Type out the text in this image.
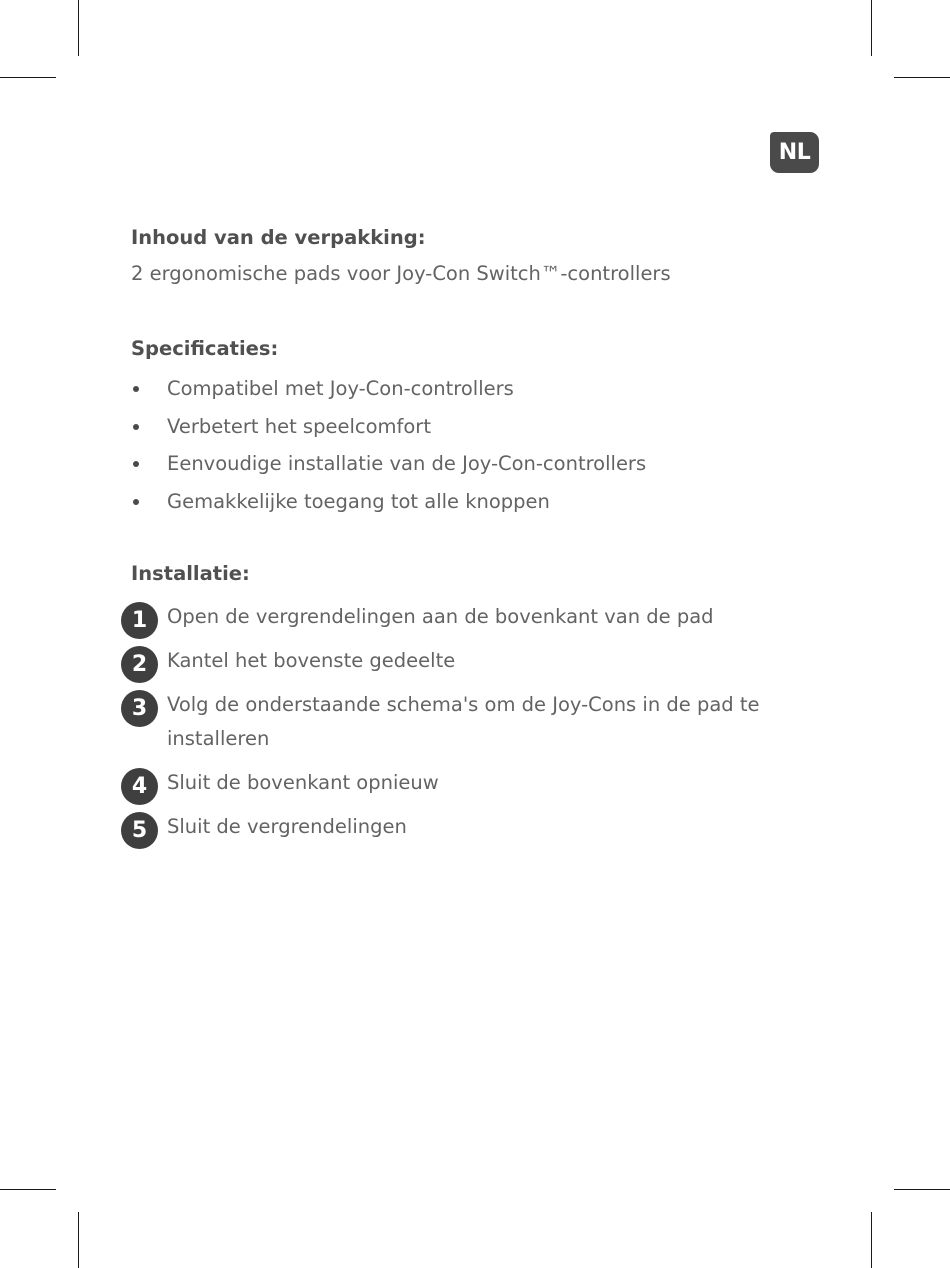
NL
Inhoud van de verpakking:
2 ergonomische pads voor Joy-Con Switch™-controllers
Specificaties:
Compatibel met Joy-Con-controllers
Verbetert het speelcomfort
Eenvoudige installatie van de Joy-Con-controllers
Gemakkelijke toegang tot alle knoppen
Installatie:
1	Open de vergrendelingen aan de bovenkant van de pad
2	Kantel het bovenste gedeelte
3	Volg de onderstaande schema's om de Joy-Cons in de pad te installeren
4	Sluit de bovenkant opnieuw
5	Sluit de vergrendelingen
